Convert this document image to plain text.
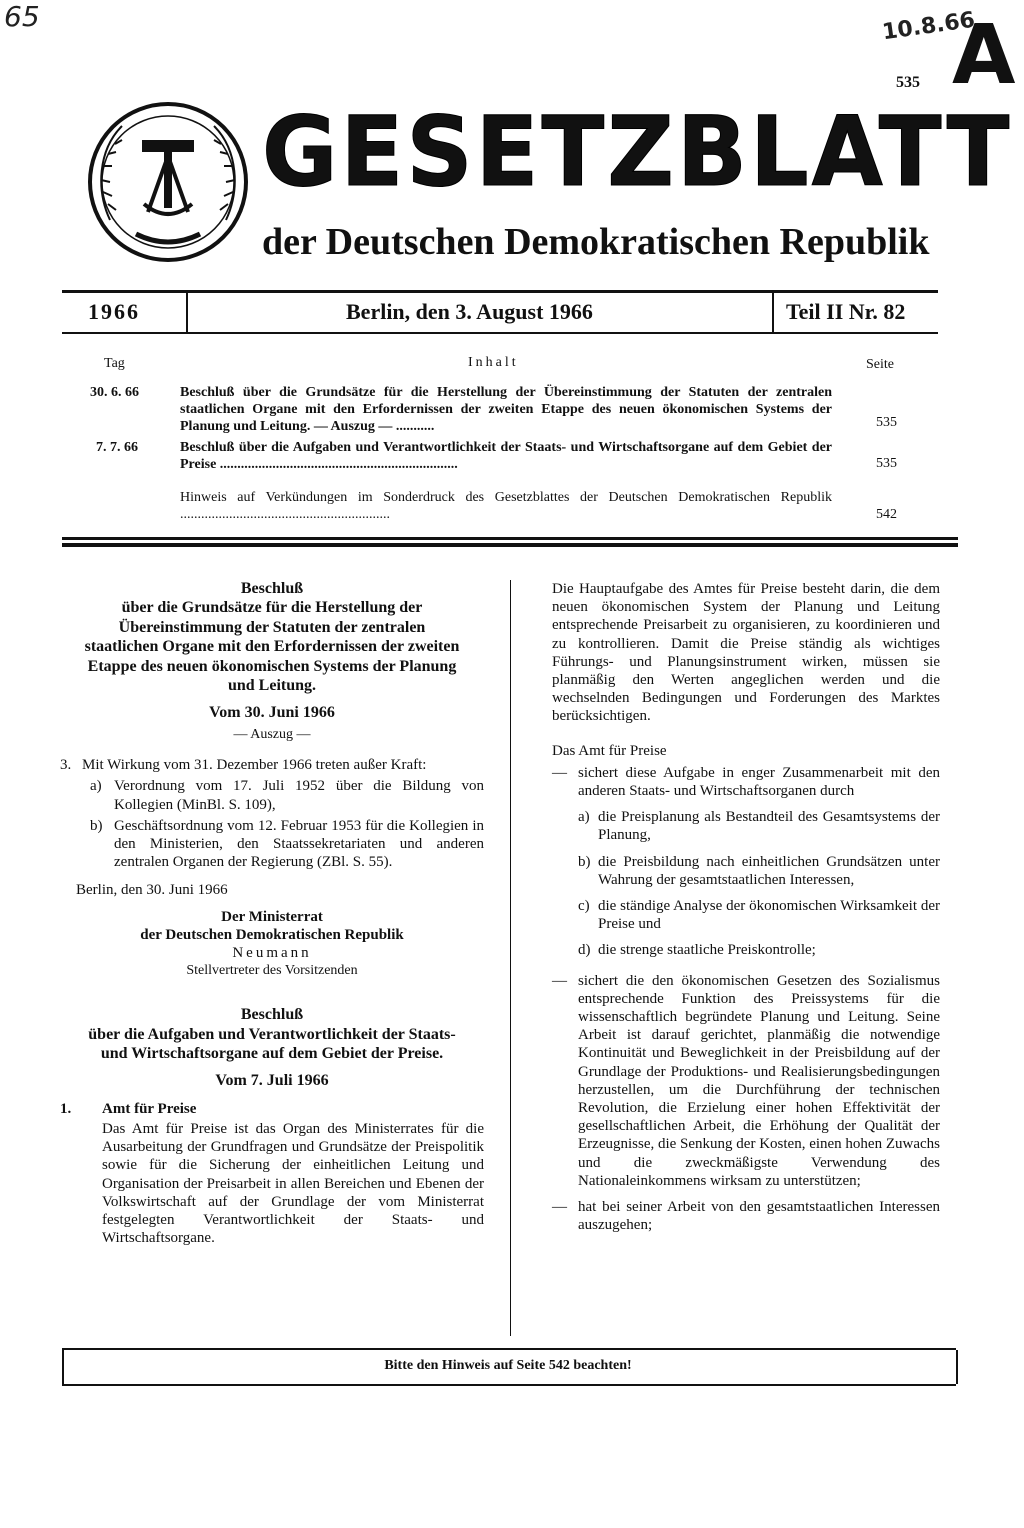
65	10.8.66
A
535
GESETZBLATT
der Deutschen Demokratischen Republik
1966	Berlin, den 3. August 1966	Teil II Nr. 82
Tag	Inhalt	Seite
30. 6. 66	Beschluß über die Grundsätze für die Herstellung der Übereinstimmung der Statuten der zentralen staatlichen Organe mit den Erfordernissen der zweiten Etappe des neuen ökonomischen Systems der Planung und Leitung. — Auszug — ...........	535
7. 7. 66	Beschluß über die Aufgaben und Verantwortlichkeit der Staats- und Wirtschaftsorgane auf dem Gebiet der Preise ....................................................................	535
Hinweis auf Verkündungen im Sonderdruck des Gesetzblattes der Deutschen Demokratischen Republik ............................................................	542
Beschluß
über die Grundsätze für die Herstellung der Übereinstimmung der Statuten der zentralen staatlichen Organe mit den Erfordernissen der zweiten Etappe des neuen ökonomischen Systems der Planung und Leitung.
Vom 30. Juni 1966
— Auszug —
3. Mit Wirkung vom 31. Dezember 1966 treten außer Kraft:
a) Verordnung vom 17. Juli 1952 über die Bildung von Kollegien (MinBl. S. 109),
b) Geschäftsordnung vom 12. Februar 1953 für die Kollegien in den Ministerien, den Staatssekretariaten und anderen zentralen Organen der Regierung (ZBl. S. 55).
Berlin, den 30. Juni 1966
Der Ministerrat
der Deutschen Demokratischen Republik
Neumann
Stellvertreter des Vorsitzenden
Beschluß
über die Aufgaben und Verantwortlichkeit der Staats- und Wirtschaftsorgane auf dem Gebiet der Preise.
Vom 7. Juli 1966
1.	Amt für Preise
Das Amt für Preise ist das Organ des Ministerrates für die Ausarbeitung der Grundfragen und Grundsätze der Preispolitik sowie für die Sicherung der einheitlichen Leitung und Organisation der Preisarbeit in allen Bereichen und Ebenen der Volkswirtschaft auf der Grundlage der vom Ministerrat festgelegten Verantwortlichkeit der Staats- und Wirtschaftsorgane.
Die Hauptaufgabe des Amtes für Preise besteht darin, die dem neuen ökonomischen System der Planung und Leitung entsprechende Preisarbeit zu organisieren, zu koordinieren und zu kontrollieren. Damit die Preise ständig als wichtiges Führungs- und Planungsinstrument wirken, müssen sie planmäßig den Werten angeglichen werden und die wechselnden Bedingungen und Forderungen des Marktes berücksichtigen.
Das Amt für Preise
— sichert diese Aufgabe in enger Zusammenarbeit mit den anderen Staats- und Wirtschaftsorganen durch
a) die Preisplanung als Bestandteil des Gesamtsystems der Planung,
b) die Preisbildung nach einheitlichen Grundsätzen unter Wahrung der gesamtstaatlichen Interessen,
c) die ständige Analyse der ökonomischen Wirksamkeit der Preise und
d) die strenge staatliche Preiskontrolle;
— sichert die den ökonomischen Gesetzen des Sozialismus entsprechende Funktion des Preissystems für die wissenschaftlich begründete Planung und Leitung. Seine Arbeit ist darauf gerichtet, planmäßig die notwendige Kontinuität und Beweglichkeit in der Preisbildung auf der Grundlage der Produktions- und Realisierungsbedingungen herzustellen, um die Durchführung der technischen Revolution, die Erzielung einer hohen Effektivität der gesellschaftlichen Arbeit, die Erhöhung der Qualität der Erzeugnisse, die Senkung der Kosten, einen hohen Zuwachs und die zweckmäßigste Verwendung des Nationaleinkommens wirksam zu unterstützen;
— hat bei seiner Arbeit von den gesamtstaatlichen Interessen auszugehen;
Bitte den Hinweis auf Seite 542 beachten!
